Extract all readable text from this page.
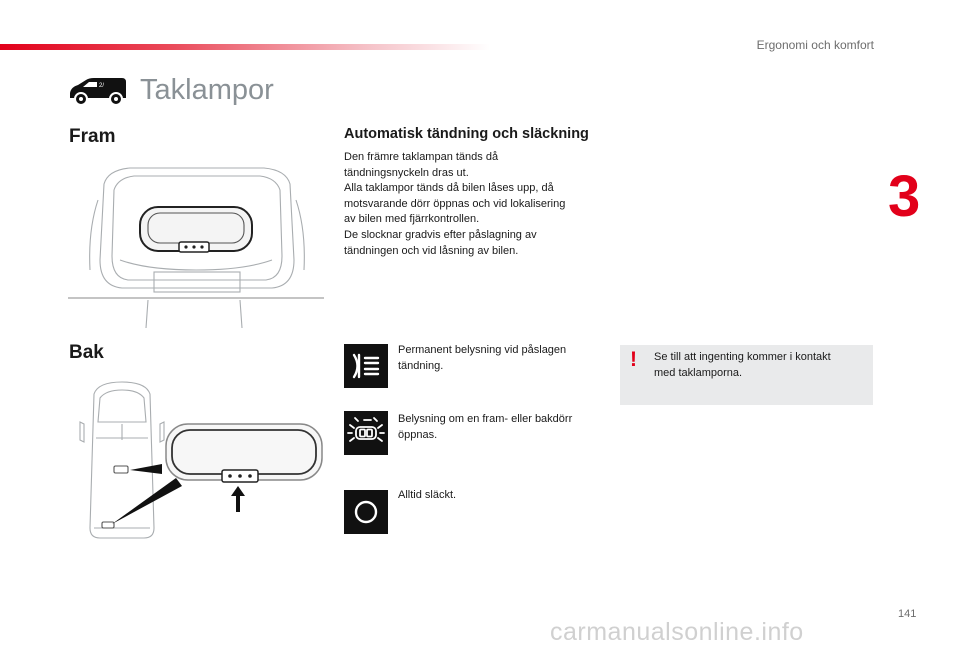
Ergonomi och komfort
3
2/ Taklampor
Fram	Automatisk tändning och släckning

Den främre taklampan tänds då

tändningsnyckeln dras ut.

Alla taklampor tänds då bilen låses upp, då

motsvarande dörr öppnas och vid lokalisering

av bilen med fjärrkontrollen.

De slocknar gradvis efter påslagning av

tändningen och vid låsning av bilen.

Bak	Permanent belysning vid påslagen
tändning.
Belysning om en fram- eller bakdörr
öppnas.
Alltid släckt.
! Se till att ingenting kommer i kontakt
med taklamporna.
141
carmanualsonline.info
